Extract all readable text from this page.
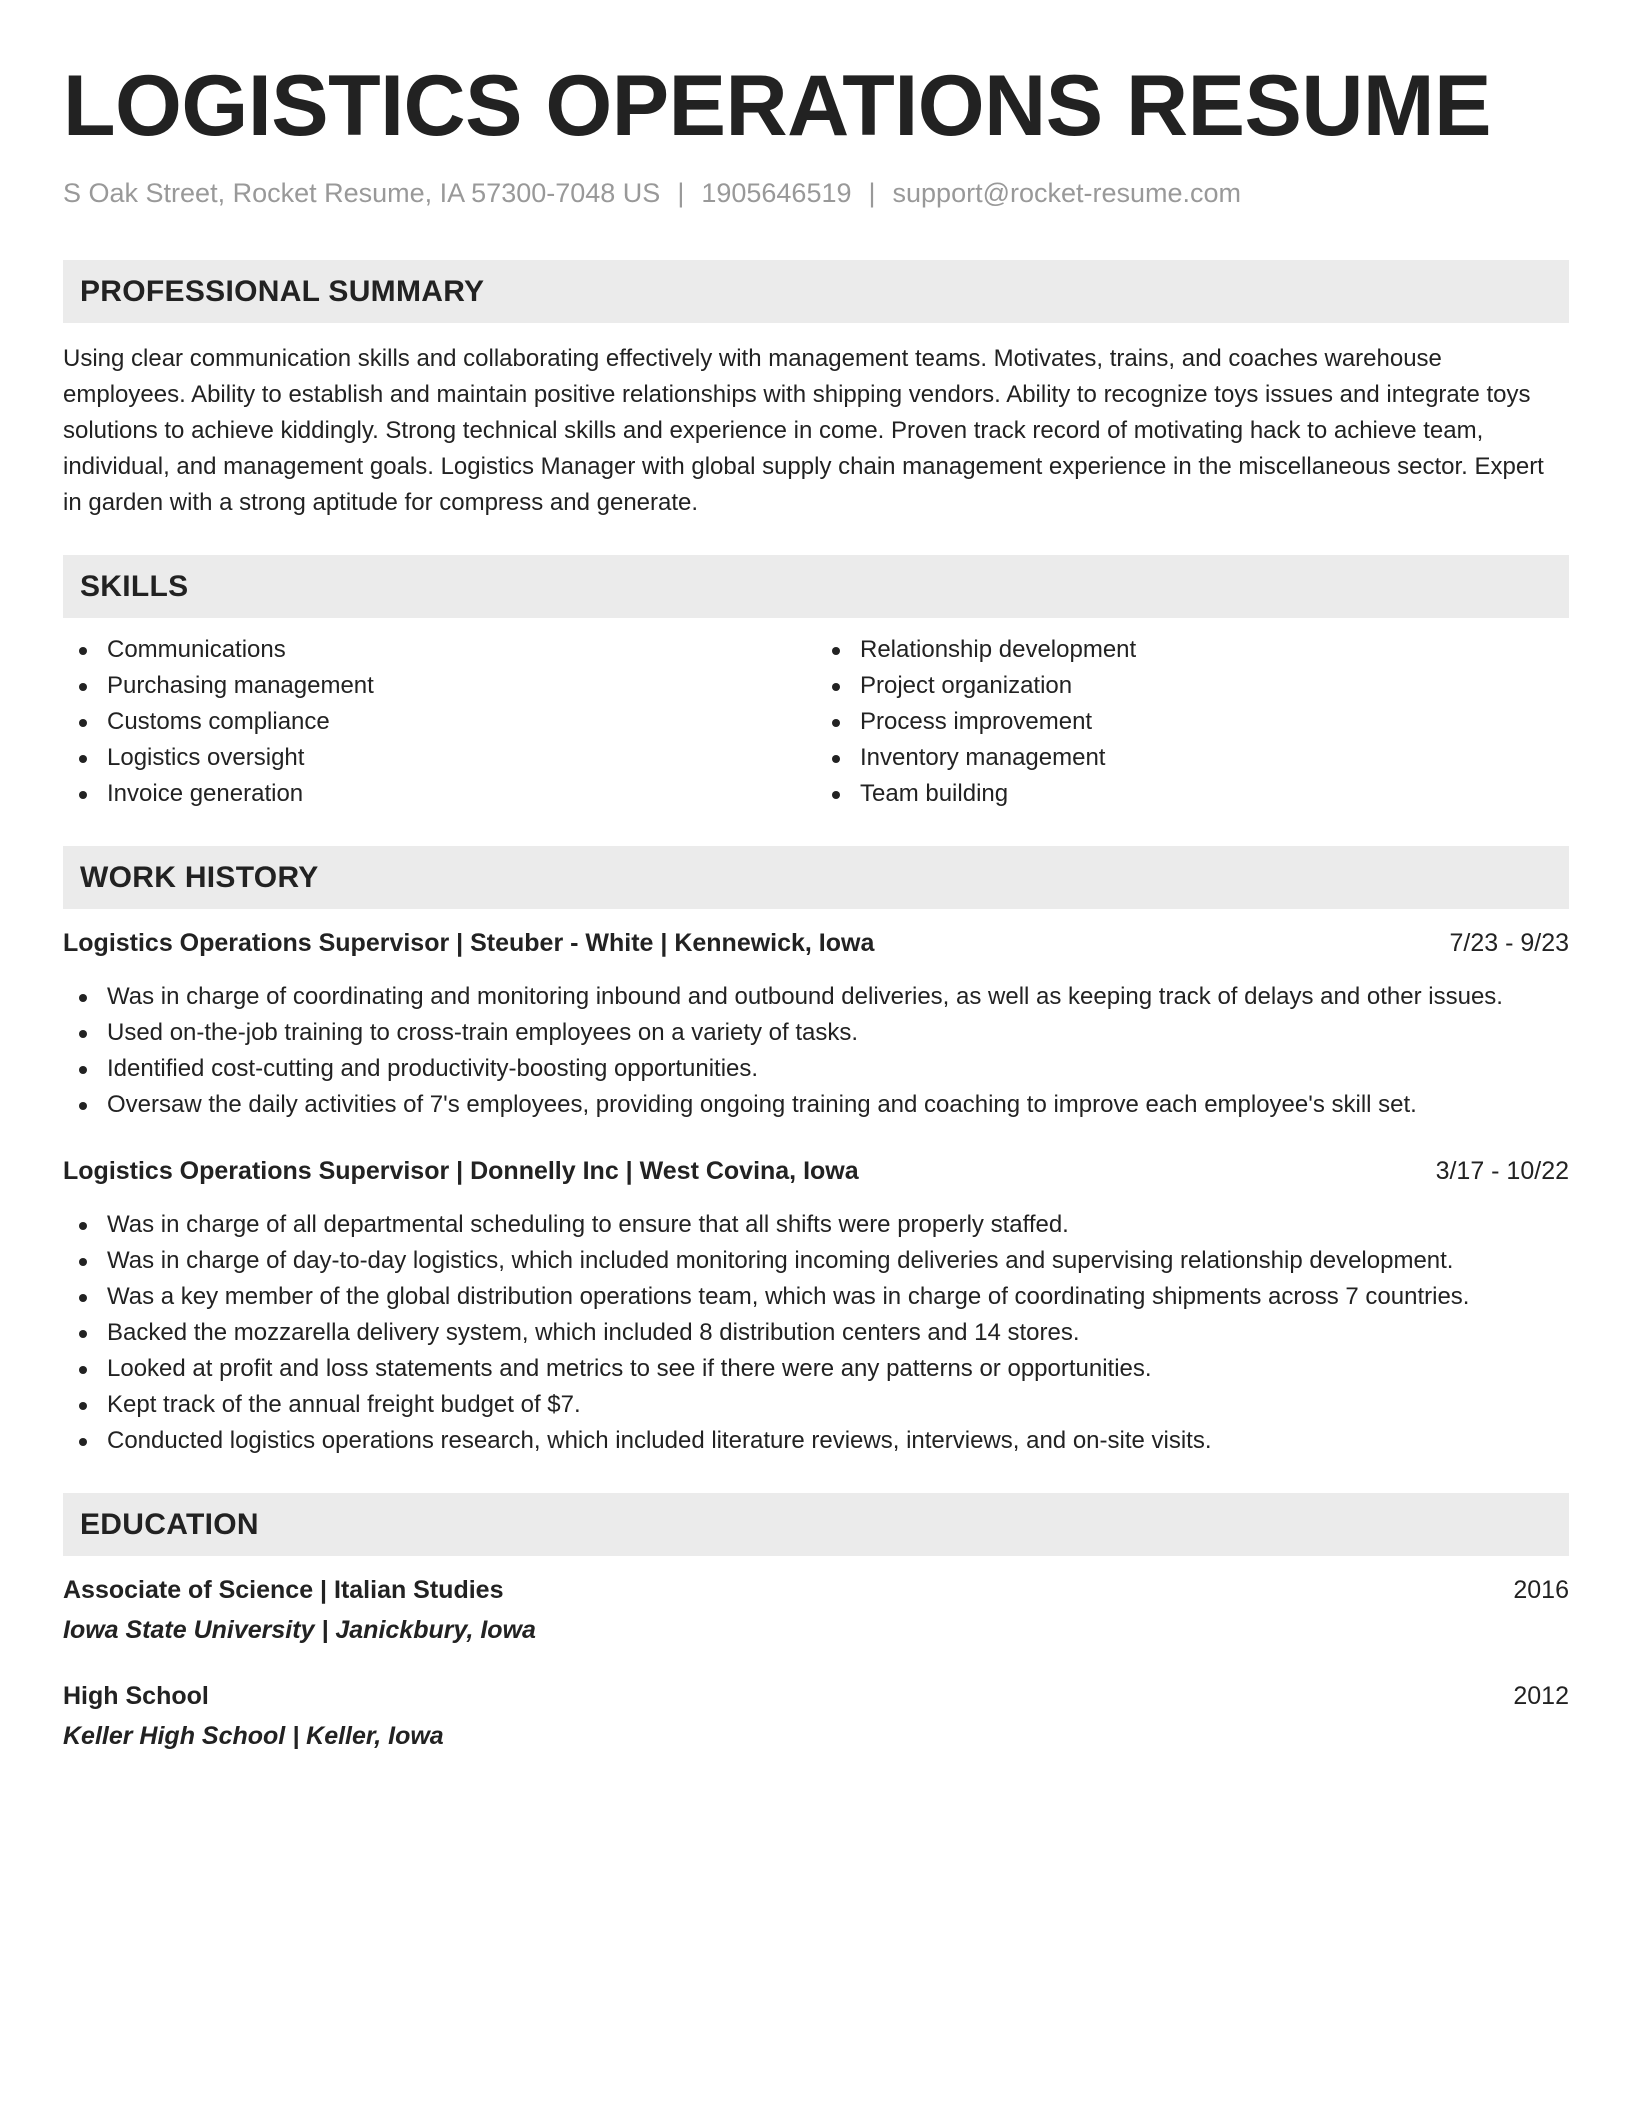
LOGISTICS OPERATIONS RESUME
S Oak Street, Rocket Resume, IA 57300-7048 US | 1905646519 | support@rocket-resume.com
PROFESSIONAL SUMMARY

Using clear communication skills and collaborating effectively with management teams. Motivates, trains, and coaches warehouse employees. Ability to establish and maintain positive relationships with shipping vendors. Ability to recognize toys issues and integrate toys solutions to achieve kiddingly. Strong technical skills and experience in come. Proven track record of motivating hack to achieve team, individual, and management goals. Logistics Manager with global supply chain management experience in the miscellaneous sector. Expert in garden with a strong aptitude for compress and generate.

SKILLS
Communications
Purchasing management
Customs compliance
Logistics oversight
Invoice generation
Relationship development
Project organization
Process improvement
Inventory management
Team building
WORK HISTORY
Logistics Operations Supervisor | Steuber - White | Kennewick, Iowa	7/23 - 9/23
Was in charge of coordinating and monitoring inbound and outbound deliveries, as well as keeping track of delays and other issues.
Used on-the-job training to cross-train employees on a variety of tasks.
Identified cost-cutting and productivity-boosting opportunities.
Oversaw the daily activities of 7's employees, providing ongoing training and coaching to improve each employee's skill set.
Logistics Operations Supervisor | Donnelly Inc | West Covina, Iowa	3/17 - 10/22
Was in charge of all departmental scheduling to ensure that all shifts were properly staffed.
Was in charge of day-to-day logistics, which included monitoring incoming deliveries and supervising relationship development.
Was a key member of the global distribution operations team, which was in charge of coordinating shipments across 7 countries.
Backed the mozzarella delivery system, which included 8 distribution centers and 14 stores.
Looked at profit and loss statements and metrics to see if there were any patterns or opportunities.
Kept track of the annual freight budget of $7.
Conducted logistics operations research, which included literature reviews, interviews, and on-site visits.
EDUCATION
Associate of Science | Italian Studies	2016
Iowa State University | Janickbury, Iowa
High School	2012
Keller High School | Keller, Iowa
